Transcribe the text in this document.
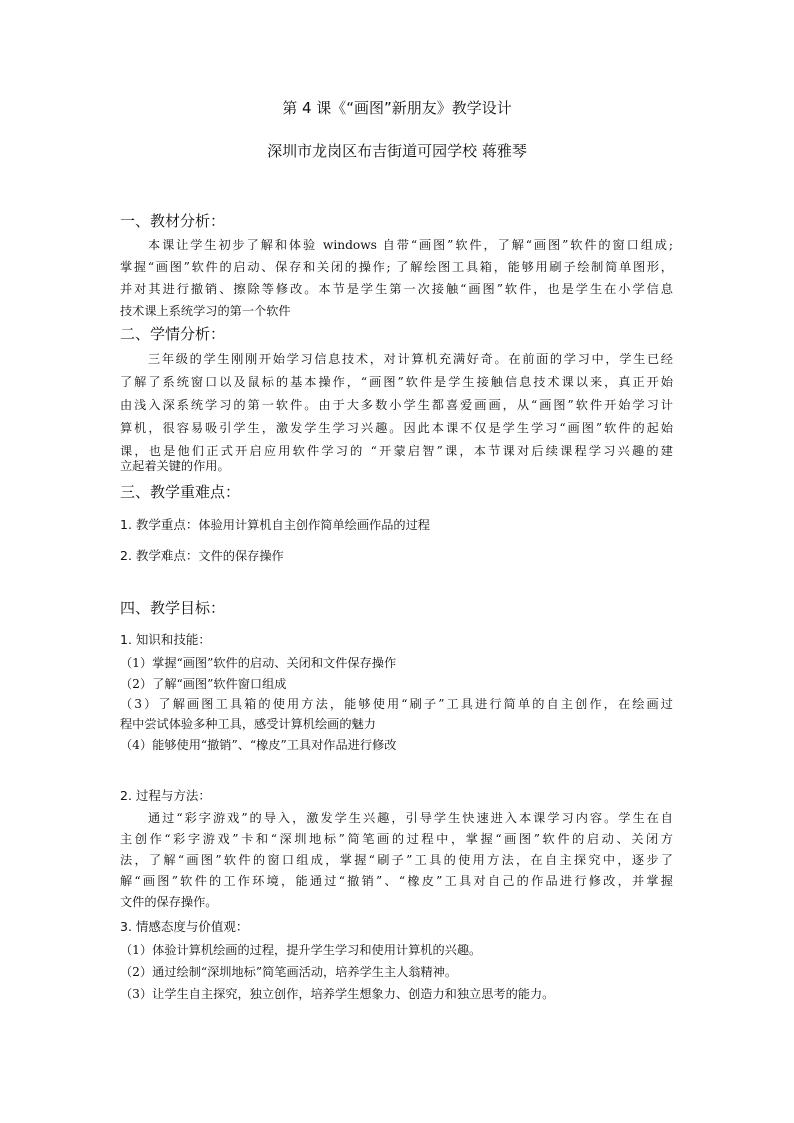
第 4 课《“画图”新朋友》教学设计
深圳市龙岗区布吉街道可园学校 蒋雅琴
一、教材分析：
本课让学生初步了解和体验 windows 自带“画图”软件，了解“画图”软件的窗口组成;
掌握“画图”软件的启动、保存和关闭的操作; 了解绘图工具箱，能够用刷子绘制简单图形，
并对其进行撤销、擦除等修改。本节是学生第一次接触“画图”软件，也是学生在小学信息
技术课上系统学习的第一个软件
二、学情分析：
三年级的学生刚刚开始学习信息技术，对计算机充满好奇。在前面的学习中，学生已经
了解了系统窗口以及鼠标的基本操作，“画图”软件是学生接触信息技术课以来，真正开始
由浅入深系统学习的第一软件。由于大多数小学生都喜爱画画，从“画图”软件开始学习计
算机，很容易吸引学生，激发学生学习兴趣。因此本课不仅是学生学习“画图”软件的起始
课，也是他们正式开启应用软件学习的 “开蒙启智”课，本节课对后续课程学习兴趣的建
立起着关键的作用。
三、教学重难点：
1. 教学重点：体验用计算机自主创作简单绘画作品的过程
2. 教学难点：文件的保存操作
四、教学目标：
1. 知识和技能：
（1）掌握“画图”软件的启动、关闭和文件保存操作
（2）了解“画图”软件窗口组成
（3）了解画图工具箱的使用方法，能够使用“刷子”工具进行简单的自主创作，在绘画过
程中尝试体验多种工具，感受计算机绘画的魅力
（4）能够使用“撤销”、“橡皮”工具对作品进行修改
2. 过程与方法：
通过“彩字游戏”的导入，激发学生兴趣，引导学生快速进入本课学习内容。学生在自
主创作“彩字游戏”卡和“深圳地标”简笔画的过程中，掌握“画图”软件的启动、关闭方
法，了解“画图”软件的窗口组成，掌握“刷子”工具的使用方法，在自主探究中，逐步了
解“画图”软件的工作环境，能通过“撤销”、“橡皮”工具对自己的作品进行修改，并掌握
文件的保存操作。
3. 情感态度与价值观：
（1）体验计算机绘画的过程，提升学生学习和使用计算机的兴趣。
（2）通过绘制“深圳地标”简笔画活动，培养学生主人翁精神。
（3）让学生自主探究，独立创作，培养学生想象力、创造力和独立思考的能力。
